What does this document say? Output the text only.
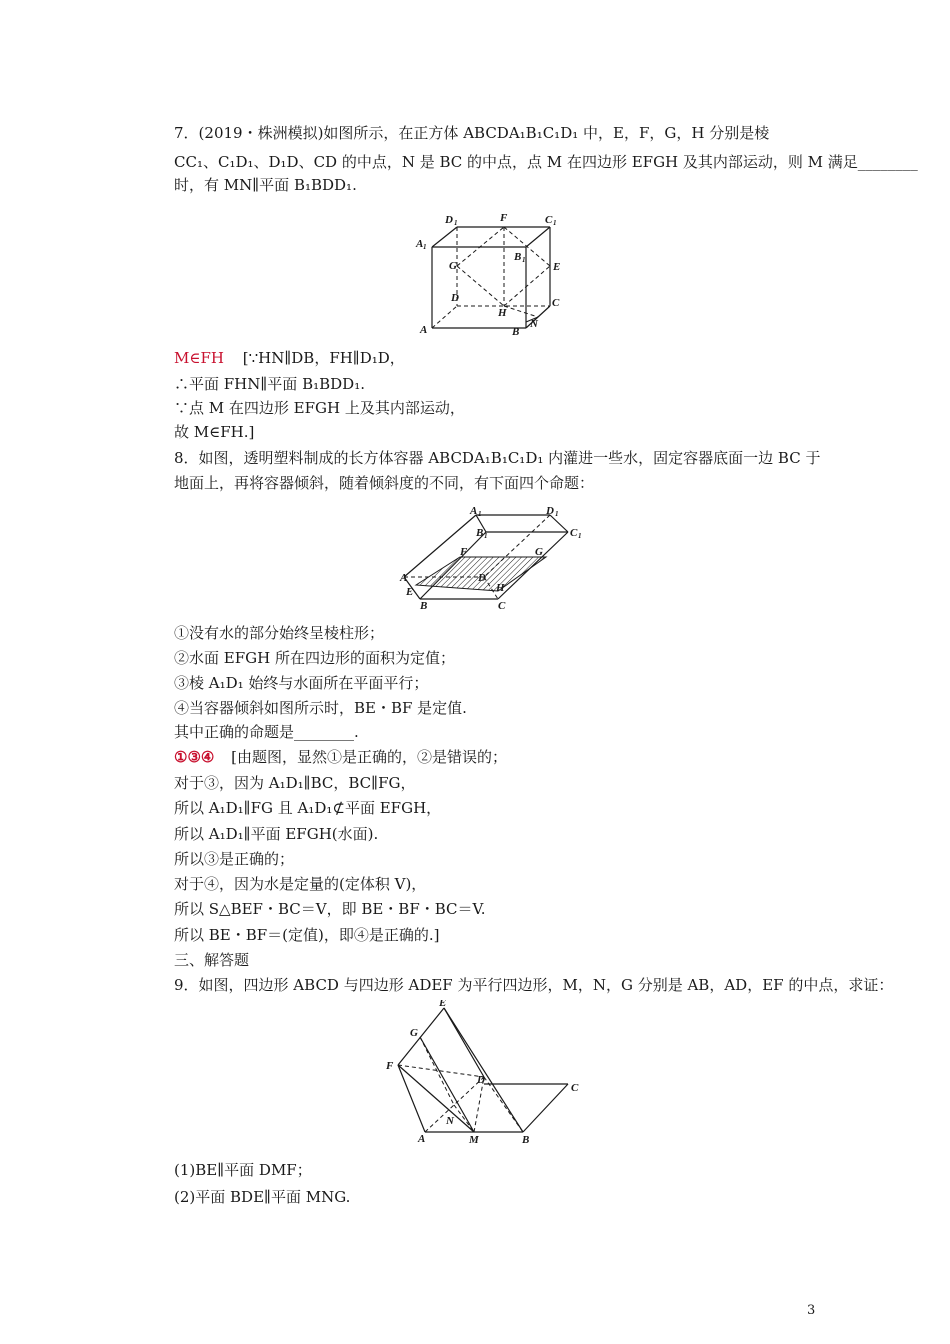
7．(2019・株洲模拟)如图所示，在正方体 ABCDA₁B₁C₁D₁ 中，E，F，G，H 分别是棱
CC₁、C₁D₁、D₁D、CD 的中点，N 是 BC 的中点，点 M 在四边形 EFGH 及其内部运动，则 M 满足________
时，有 MN∥平面 B₁BDD₁.
D 1	F	C 1
A 1
G
B 1
E
D	C
H
A	B
N
M∈FH [∵HN∥DB，FH∥D₁D，
∴平面 FHN∥平面 B₁BDD₁.
∵点 M 在四边形 EFGH 上及其内部运动，
故 M∈FH.]
8．如图，透明塑料制成的长方体容器 ABCDA₁B₁C₁D₁ 内灌进一些水，固定容器底面一边 BC 于
地面上，再将容器倾斜，随着倾斜度的不同，有下面四个命题：
A 1	D 1
B 1	C 1
F	G
A	D
E	H
B	C
①没有水的部分始终呈棱柱形；
②水面 EFGH 所在四边形的面积为定值；
③棱 A₁D₁ 始终与水面所在平面平行；
④当容器倾斜如图所示时，BE・BF 是定值.
其中正确的命题是________.
①③④ [由题图，显然①是正确的，②是错误的；
对于③，因为 A₁D₁∥BC，BC∥FG，
所以 A₁D₁∥FG 且 A₁D₁⊄平面 EFGH，
所以 A₁D₁∥平面 EFGH(水面).
所以③是正确的；
对于④，因为水是定量的(定体积 V)，
所以 S△BEF・BC＝V，即 BE・BF・BC＝V.
所以 BE・BF＝(定值)，即④是正确的.]
三、解答题
9．如图，四边形 ABCD 与四边形 ADEF 为平行四边形，M，N，G 分别是 AB，AD，EF 的中点，求证：
E
G
F
D
C
A
N
M	B
(1)BE∥平面 DMF；
(2)平面 BDE∥平面 MNG.
3
